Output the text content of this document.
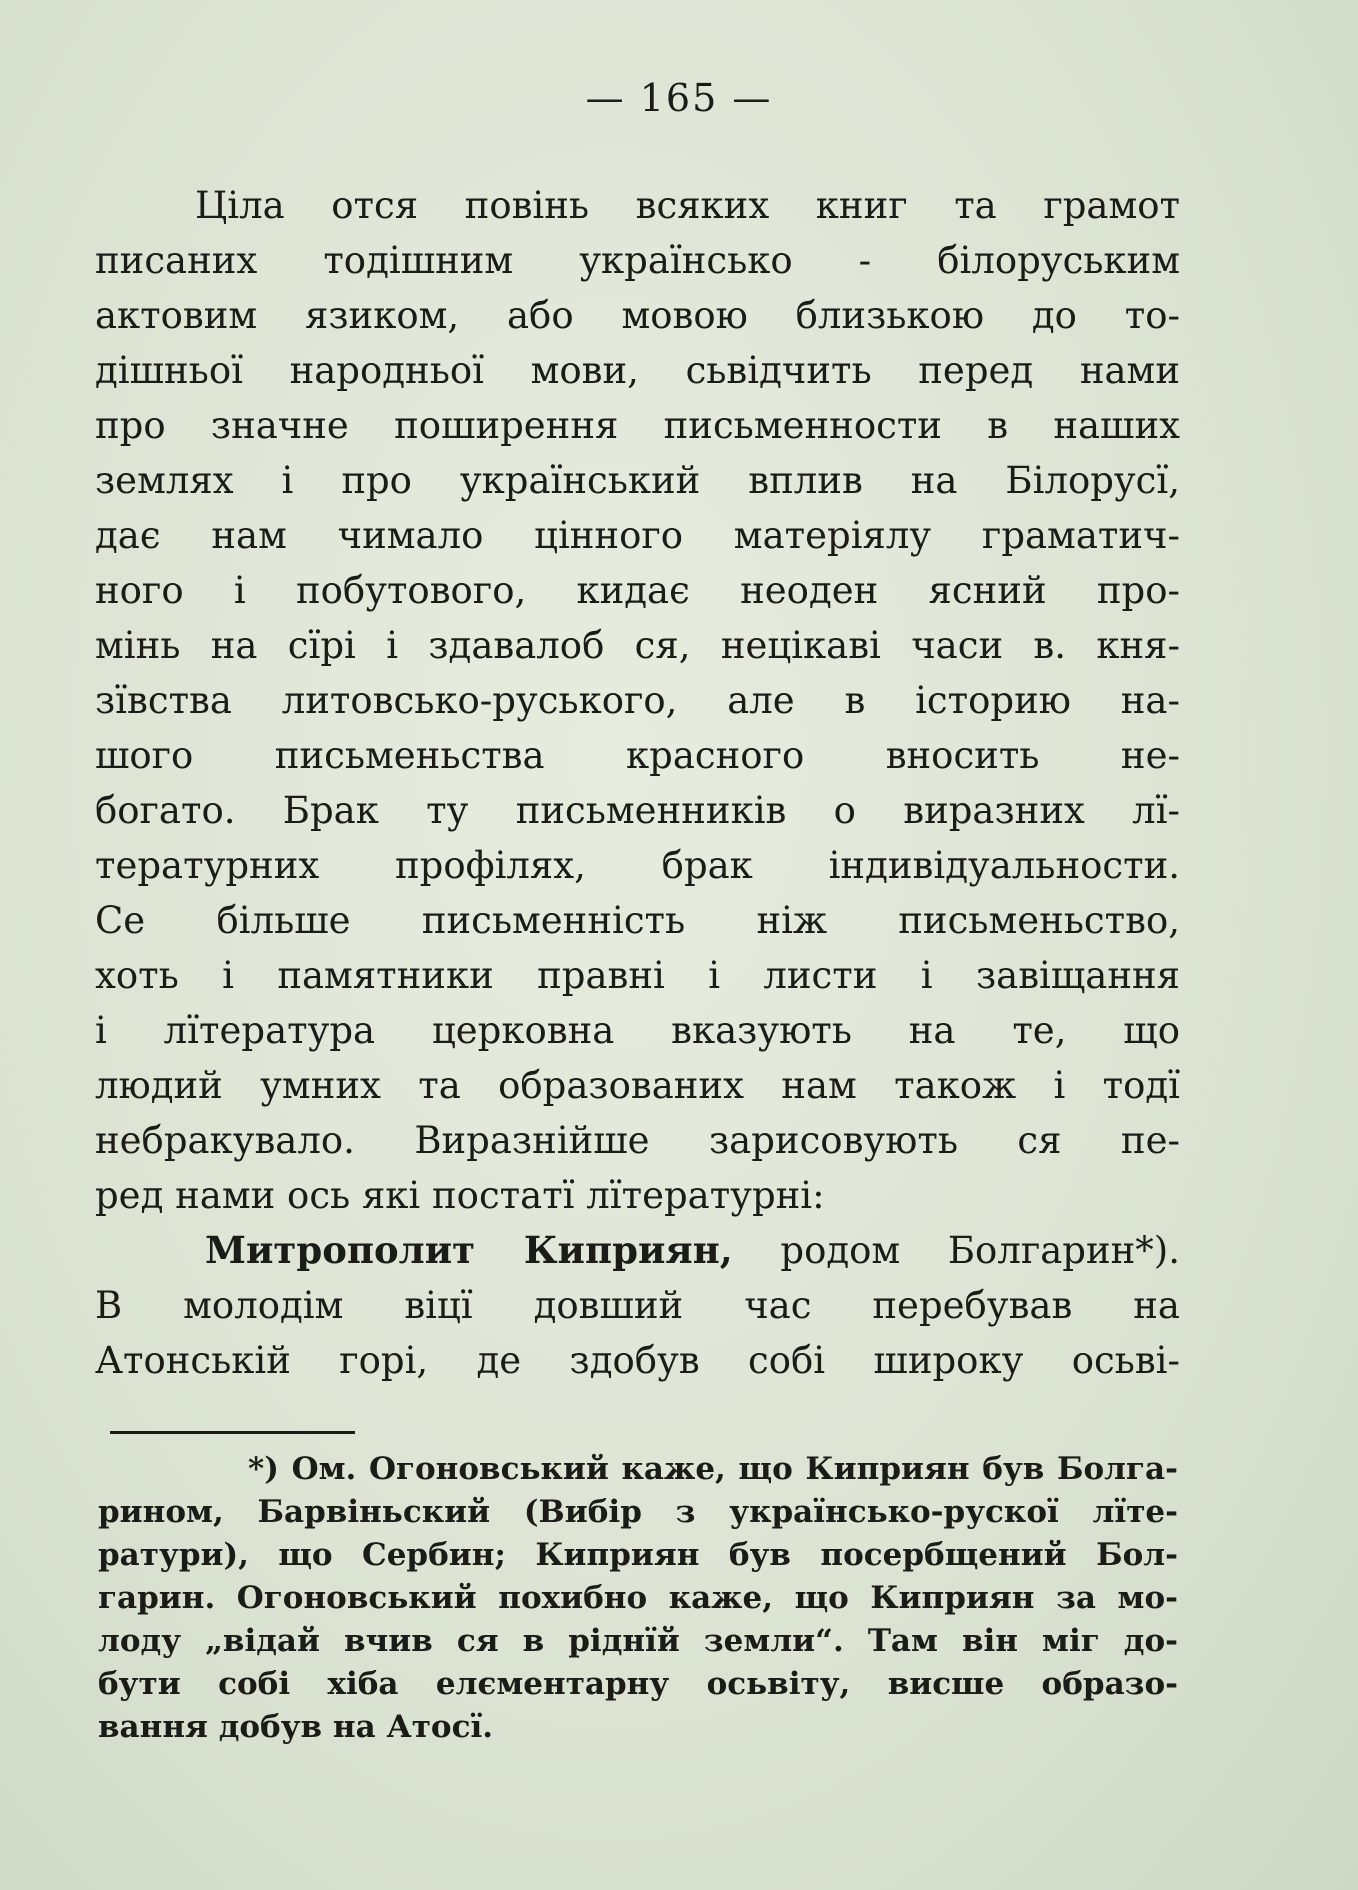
— 165 —
Ціла отся повінь всяких книг та грамот
писаних тодішним українсько - білоруським
актовим язиком, або мовою близькою до то-
дішньої народньої мови, сьвідчить перед нами
про значне поширення письменности в наших
землях і про український вплив на Білорусї,
дає нам чимало цінного матеріялу граматич-
ного і побутового, кидає неоден ясний про-
мінь на сїрі і здавалоб ся, нецікаві часи в. кня-
зївства литовсько-руського, але в історию на-
шого письменьства красного вносить не-
богато. Брак ту письменників о виразних лї-
тературних профілях, брак індивідуальности.
Се більше письменність ніж письменьство,
хоть і памятники правні і листи і завіщання
і лїтература церковна вказують на те, що
людий умних та образованих нам також і тодї
небракувало. Виразнійше зарисовують ся пе-
ред нами ось які постатї лїтературні:
Митрополит Киприян, родом Болгарин*).
В молодім віцї довший час перебував на
Атонській горі, де здобув собі широку осьві-
*) Ом. Огоновський каже, що Киприян був Болга-
рином, Барвіньский (Вибір з українсько-рускої лїте-
ратури), що Сербин; Киприян був посербщений Бол-
гарин. Огоновський похибно каже, що Киприян за мо-
лоду „відай вчив ся в ріднїй земли“. Там він міг до-
бути собі хіба елєментарну осьвіту, висше образо-
вання добув на Атосї.
